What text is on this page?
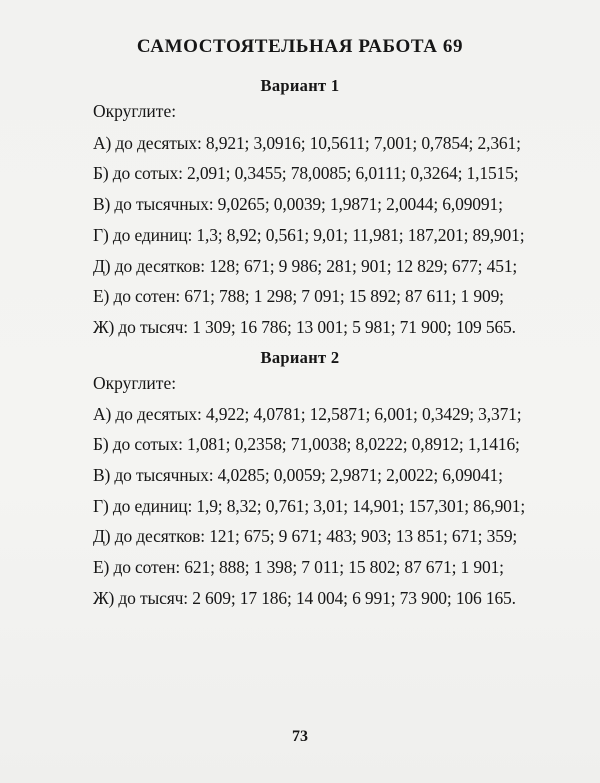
САМОСТОЯТЕЛЬНАЯ РАБОТА 69
Вариант 1
Округлите:
А) до десятых: 8,921; 3,0916; 10,5611; 7,001; 0,7854; 2,361;
Б) до сотых: 2,091; 0,3455; 78,0085; 6,0111; 0,3264; 1,1515;
В) до тысячных: 9,0265; 0,0039; 1,9871; 2,0044; 6,09091;
Г) до единиц: 1,3; 8,92; 0,561; 9,01; 11,981; 187,201; 89,901;
Д) до десятков: 128; 671; 9 986; 281; 901; 12 829; 677; 451;
Е) до сотен: 671; 788; 1 298; 7 091; 15 892; 87 611; 1 909;
Ж) до тысяч: 1 309; 16 786; 13 001; 5 981; 71 900; 109 565.
Вариант 2
Округлите:
А) до десятых: 4,922; 4,0781; 12,5871; 6,001; 0,3429; 3,371;
Б) до сотых: 1,081; 0,2358; 71,0038; 8,0222; 0,8912; 1,1416;
В) до тысячных: 4,0285; 0,0059; 2,9871; 2,0022; 6,09041;
Г) до единиц: 1,9; 8,32; 0,761; 3,01; 14,901; 157,301; 86,901;
Д) до десятков: 121; 675; 9 671; 483; 903; 13 851; 671; 359;
Е) до сотен: 621; 888; 1 398; 7 011; 15 802; 87 671; 1 901;
Ж) до тысяч: 2 609; 17 186; 14 004; 6 991; 73 900; 106 165.
73
